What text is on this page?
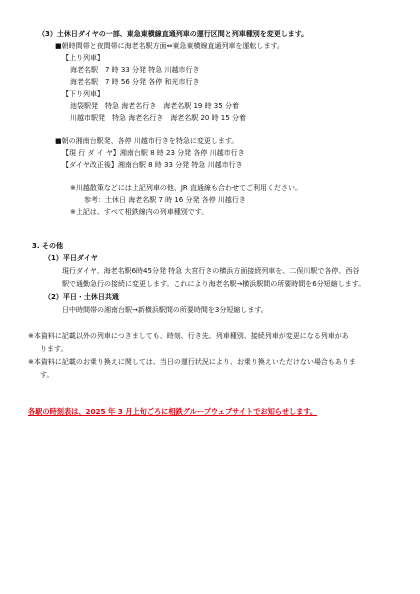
（3）土休日ダイヤの一部、東急東横線直通列車の運行区間と列車種別を変更します。
■朝時間帯と夜間帯に海老名駅方面⇔東急東横線直通列車を運転します。
【上り列車】
海老名駅　7 時 33 分発 特急 川越市行き
海老名駅　7 時 56 分発 各停 和光市行き
【下り列車】
池袋駅発　特急 海老名行き　海老名駅 19 時 35 分着
川越市駅発　特急 海老名行き　海老名駅 20 時 15 分着
■朝の湘南台駅発、各停 川越市行きを特急に変更します。
【現 行 ダ イ ヤ】湘南台駅 8 時 23 分発 各停 川越市行き
【ダイヤ改正後】湘南台駅 8 時 33 分発 特急 川越市行き
※川越散策などには上記列車の他、JR 直通線も合わせてご利用ください。
参考：土休日 海老名駅 7 時 16 分発 各停 川越行き
※上記は、すべて相鉄線内の列車種別です。
3. その他
（1）平日ダイヤ
現行ダイヤ、海老名駅6時45分発 特急 大宮行きの横浜方面接続列車を、二俣川駅で各停、西谷
駅で通勤急行の接続に変更します。これにより海老名駅→横浜駅間の所要時間を6分短縮します。
（2）平日・土休日共通
日中時間帯の湘南台駅→新横浜駅間の所要時間を3分短縮します。
※本資料に記載以外の列車につきましても、時刻、行き先、列車種別、接続列車が変更になる列車があ
ります。
※本資料に記載のお乗り換えに関しては、当日の運行状況により、お乗り換えいただけない場合もありま
す。
各駅の時刻表は、2025 年 3 月上旬ごろに相鉄グループウェブサイトでお知らせします。
